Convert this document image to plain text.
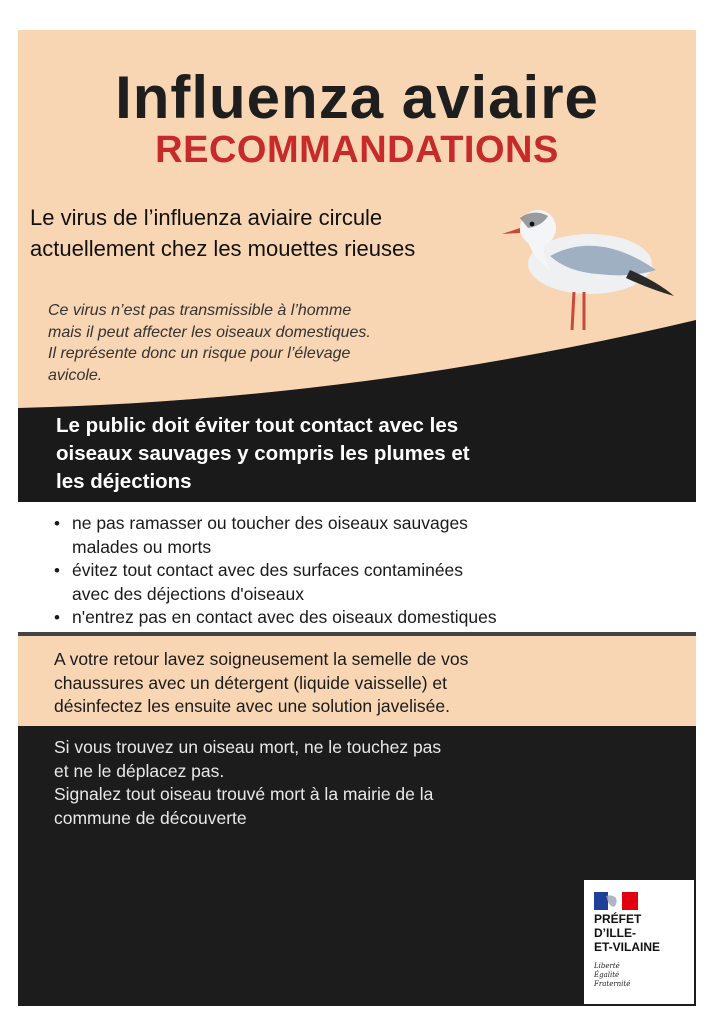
Influenza aviaire
RECOMMANDATIONS
Le virus de l’influenza aviaire circule
actuellement chez les mouettes rieuses
Ce virus n’est pas transmissible à l’homme
mais il peut affecter les oiseaux domestiques.
Il représente donc un risque pour l’élevage
avicole.
Le public doit éviter tout contact avec les
oiseaux sauvages y compris les plumes et
les déjections
• ne pas ramasser ou toucher des oiseaux sauvages
malades ou morts
• évitez tout contact avec des surfaces contaminées
avec des déjections d'oiseaux
• n'entrez pas en contact avec des oiseaux domestiques
A votre retour lavez soigneusement la semelle de vos
chaussures avec un détergent (liquide vaisselle) et
désinfectez les ensuite avec une solution javelisée.
Si vous trouvez un oiseau mort, ne le touchez pas
et ne le déplacez pas.
Signalez tout oiseau trouvé mort à la mairie de la
commune de découverte
PRÉFET
D’ILLE-
ET-VILAINE
Liberté
Égalité
Fraternité
